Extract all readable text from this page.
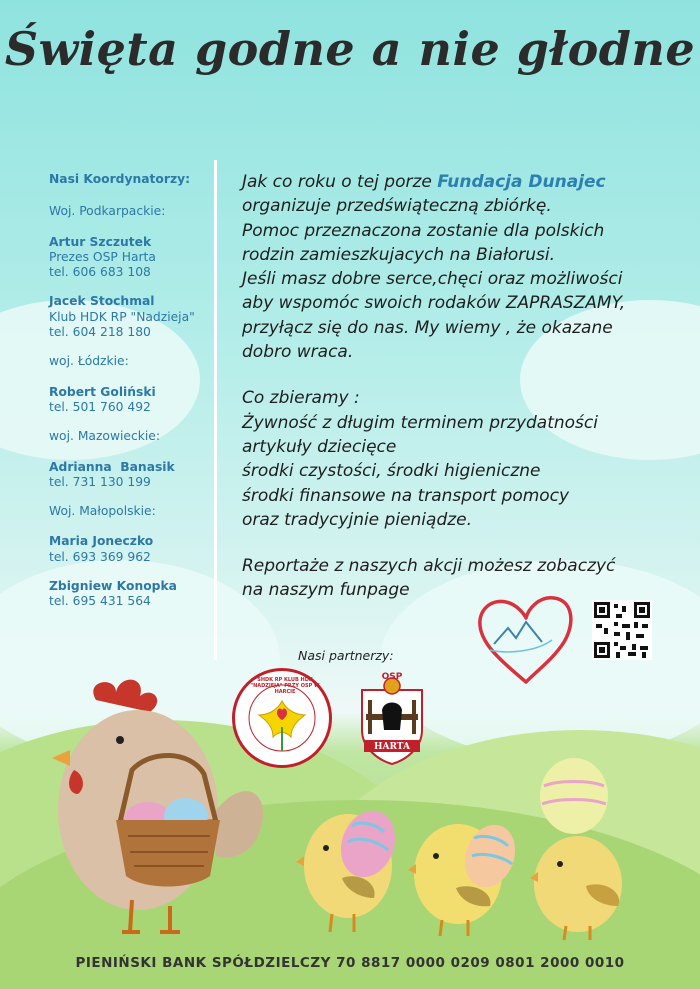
Święta godne a nie głodne
Nasi Koordynatorzy:
Woj. Podkarpackie:
Artur Szczutek
Prezes OSP Harta
tel. 606 683 108
Jacek Stochmal
Klub HDK RP "Nadzieja"
tel. 604 218 180
woj. Łódzkie:
Robert Goliński
tel. 501 760 492
woj. Mazowieckie:
Adrianna  Banasik
tel. 731 130 199
Woj. Małopolskie:
Maria Joneczko
tel. 693 369 962
Zbigniew Konopka
tel. 695 431 564

Jak co roku o tej porze Fundacja Dunajec

organizuje przedświąteczną zbiórkę.

Pomoc przeznaczona zostanie dla polskich

rodzin zamieszkujacych na Białorusi.

Jeśli masz dobre serce,chęci oraz możliwości

aby wspomóc swoich rodaków ZAPRASZAMY,

przyłącz się do nas. My wiemy , że okazane

dobro wraca.

Co zbieramy :

Żywność z długim terminem przydatności

artykuły dziecięce

środki czystości, środki higieniczne

środki finansowe na transport pomocy

oraz tradycyjnie pieniądze.

Reportaże z naszych akcji możesz zobaczyć

na naszym funpage

Nasi partnerzy:
SHDK RP KLUB HDK "NADZIEJA" PRZY OSP W HARCIE
OSP
HARTA
PIENIŃSKI BANK SPÓŁDZIELCZY 70 8817 0000 0209 0801 2000 0010
